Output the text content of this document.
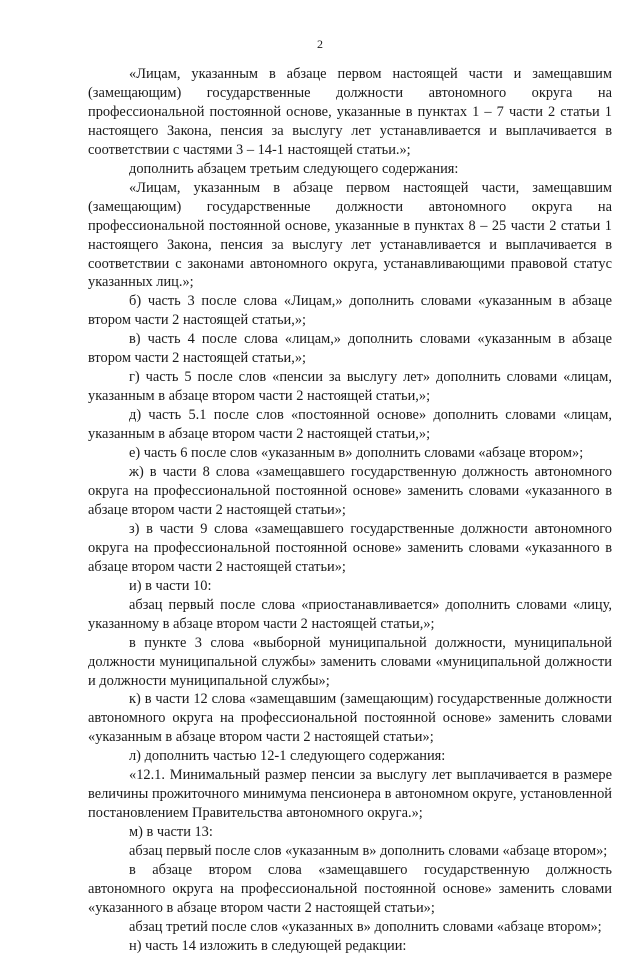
2

«Лицам, указанным в абзаце первом настоящей части и замещавшим (замещающим) государственные должности автономного округа на профессиональной постоянной основе, указанные в пунктах 1 – 7 части 2 статьи 1 настоящего Закона, пенсия за выслугу лет устанавливается и выплачивается в соответствии с частями 3 – 14-1 настоящей статьи.»;

дополнить абзацем третьим следующего содержания:

«Лицам, указанным в абзаце первом настоящей части, замещавшим (замещающим) государственные должности автономного округа на профессиональной постоянной основе, указанные в пунктах 8 – 25 части 2 статьи 1 настоящего Закона, пенсия за выслугу лет устанавливается и выплачивается в соответствии с законами автономного округа, устанавливающими правовой статус указанных лиц.»;

б) часть 3 после слова «Лицам,» дополнить словами «указанным в абзаце втором части 2 настоящей статьи,»;

в) часть 4 после слова «лицам,» дополнить словами «указанным в абзаце втором части 2 настоящей статьи,»;

г) часть 5 после слов «пенсии за выслугу лет» дополнить словами «лицам, указанным в абзаце втором части 2 настоящей статьи,»;

д) часть 5.1 после слов «постоянной основе» дополнить словами «лицам, указанным в абзаце втором части 2 настоящей статьи,»;

е) часть 6 после слов «указанным в» дополнить словами «абзаце втором»;

ж) в части 8 слова «замещавшего государственную должность автономного округа на профессиональной постоянной основе» заменить словами «указанного в абзаце втором части 2 настоящей статьи»;

з) в части 9 слова «замещавшего государственные должности автономного округа на профессиональной постоянной основе» заменить словами «указанного в абзаце втором части 2 настоящей статьи»;

и) в части 10:

абзац первый после слова «приостанавливается» дополнить словами «лицу, указанному в абзаце втором части 2 настоящей статьи,»;

в пункте 3 слова «выборной муниципальной должности, муниципальной должности муниципальной службы» заменить словами «муниципальной должности и должности муниципальной службы»;

к) в части 12 слова «замещавшим (замещающим) государственные должности автономного округа на профессиональной постоянной основе» заменить словами «указанным в абзаце втором части 2 настоящей статьи»;

л) дополнить частью 12-1 следующего содержания:

«12.1. Минимальный размер пенсии за выслугу лет выплачивается в размере величины прожиточного минимума пенсионера в автономном округе, установленной постановлением Правительства автономного округа.»;

м) в части 13:

абзац первый после слов «указанным в» дополнить словами «абзаце втором»;

в абзаце втором слова «замещавшего государственную должность автономного округа на профессиональной постоянной основе» заменить словами «указанного в абзаце втором части 2 настоящей статьи»;

абзац третий после слов «указанных в» дополнить словами «абзаце втором»;

н) часть 14 изложить в следующей редакции:
